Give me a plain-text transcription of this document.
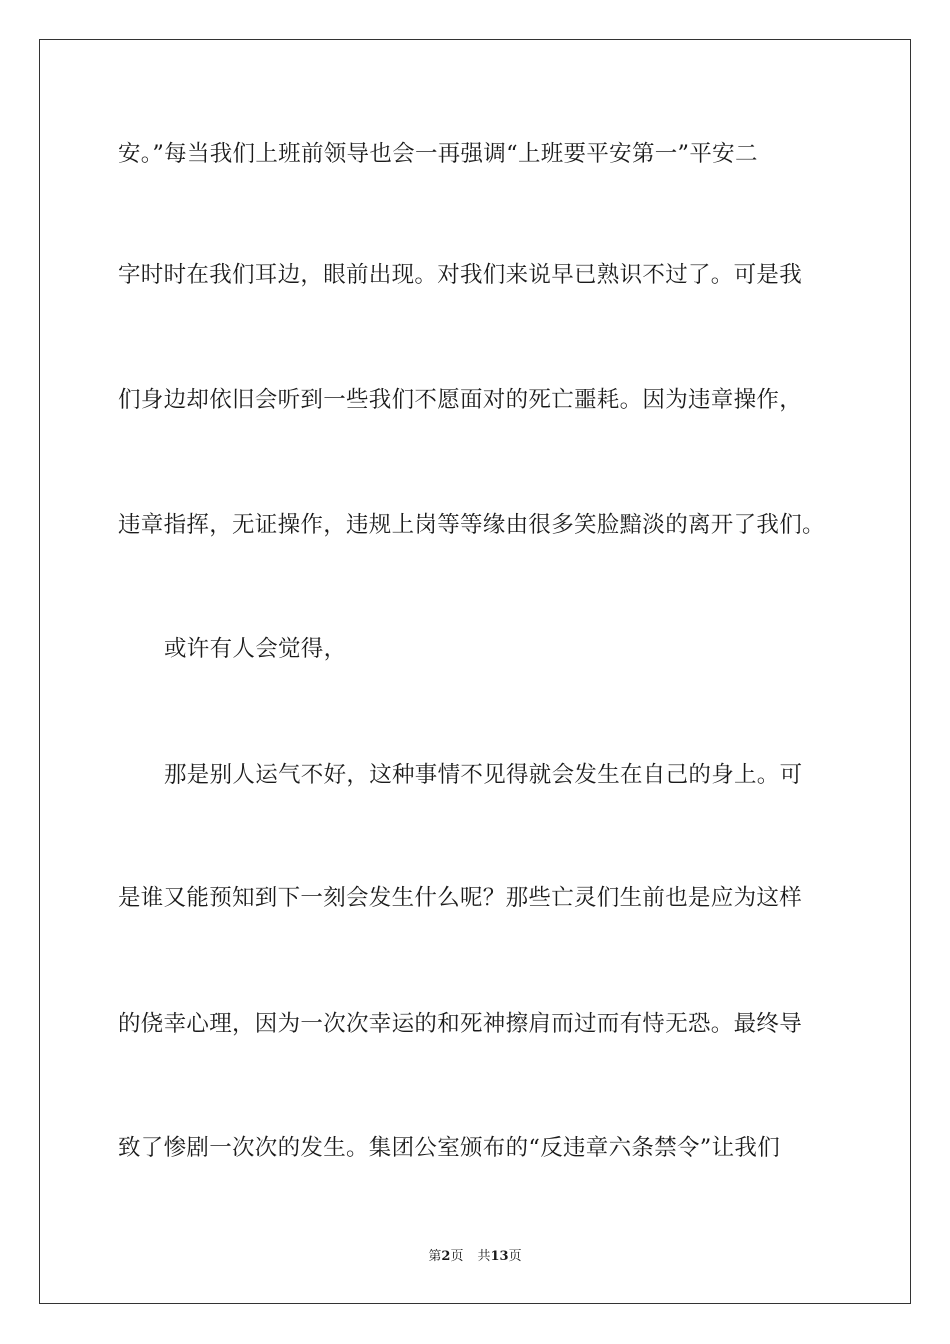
安。”每当我们上班前领导也会一再强调“上班要平安第一”平安二
字时时在我们耳边，眼前出现。对我们来说早已熟识不过了。可是我
们身边却依旧会听到一些我们不愿面对的死亡噩耗。因为违章操作，
违章指挥，无证操作，违规上岗等等缘由很多笑脸黯淡的离开了我们。
或许有人会觉得，
那是别人运气不好，这种事情不见得就会发生在自己的身上。可
是谁又能预知到下一刻会发生什么呢？那些亡灵们生前也是应为这样
的侥幸心理，因为一次次幸运的和死神擦肩而过而有恃无恐。最终导
致了惨剧一次次的发生。集团公室颁布的“反违章六条禁令”让我们
第2页 共13页
